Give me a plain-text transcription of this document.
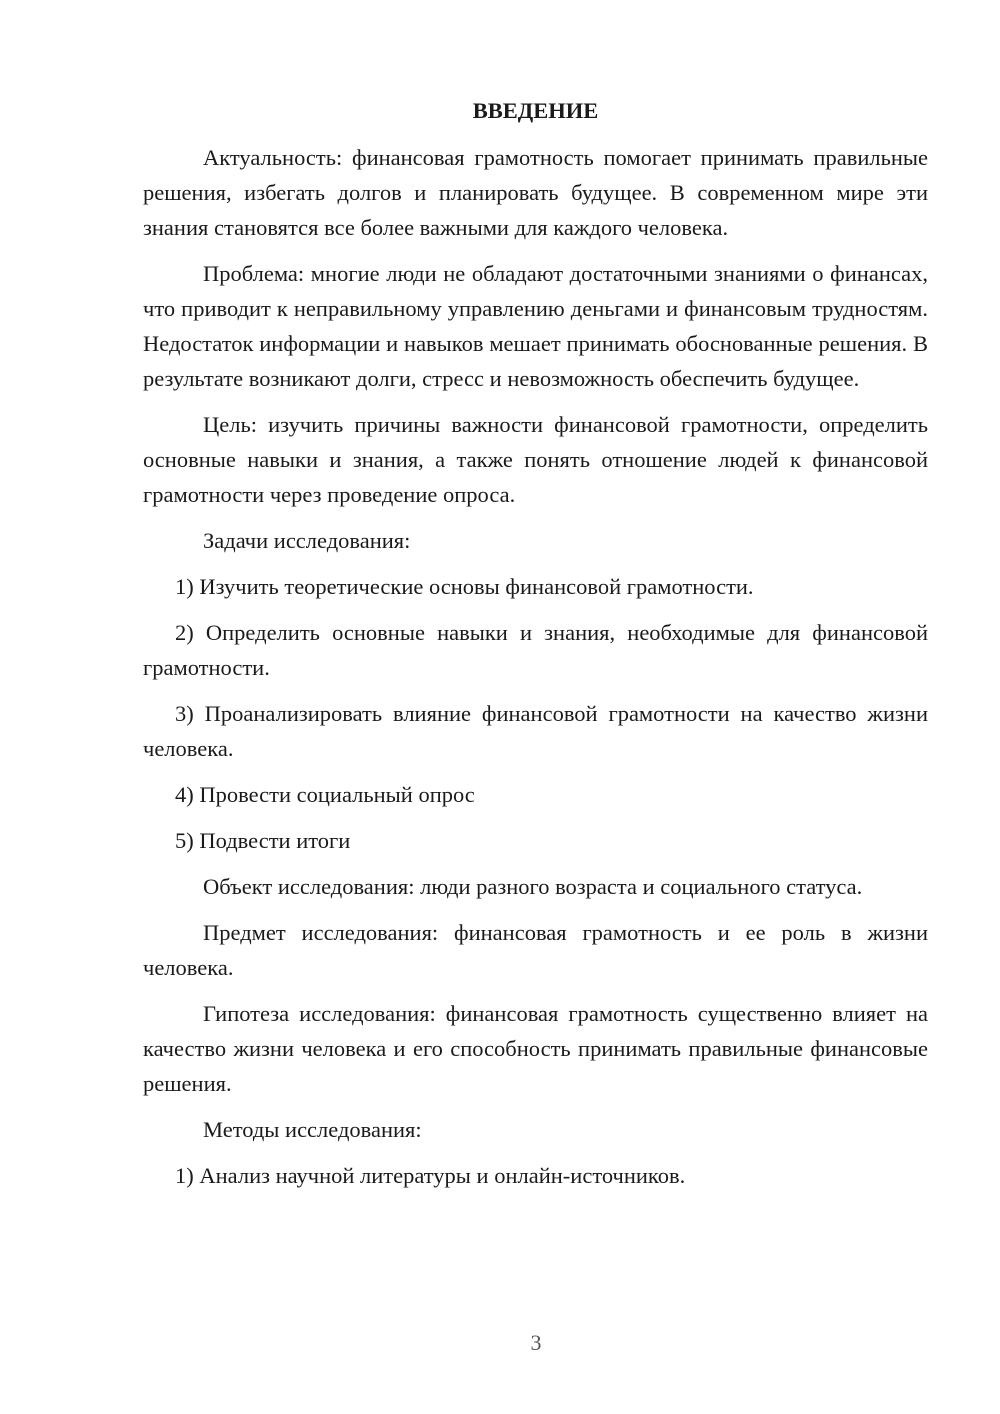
ВВЕДЕНИЕ

Актуальность: финансовая грамотность помогает принимать правильные решения, избегать долгов и планировать будущее. В современном мире эти знания становятся все более важными для каждого человека.

Проблема: многие люди не обладают достаточными знаниями о финансах, что приводит к неправильному управлению деньгами и финансовым трудностям. Недостаток информации и навыков мешает принимать обоснованные решения. В результате возникают долги, стресс и невозможность обеспечить будущее.

Цель: изучить причины важности финансовой грамотности, определить основные навыки и знания, а также понять отношение людей к финансовой грамотности через проведение опроса.

Задачи исследования:

1) Изучить теоретические основы финансовой грамотности.

2) Определить основные навыки и знания, необходимые для финансовой грамотности.

3) Проанализировать влияние финансовой грамотности на качество жизни человека.

4) Провести социальный опрос

5) Подвести итоги

Объект исследования: люди разного возраста и социального статуса.

Предмет исследования: финансовая грамотность и ее роль в жизни человека.

Гипотеза исследования: финансовая грамотность существенно влияет на качество жизни человека и его способность принимать правильные финансовые решения.

Методы исследования:

1) Анализ научной литературы и онлайн-источников.

3
